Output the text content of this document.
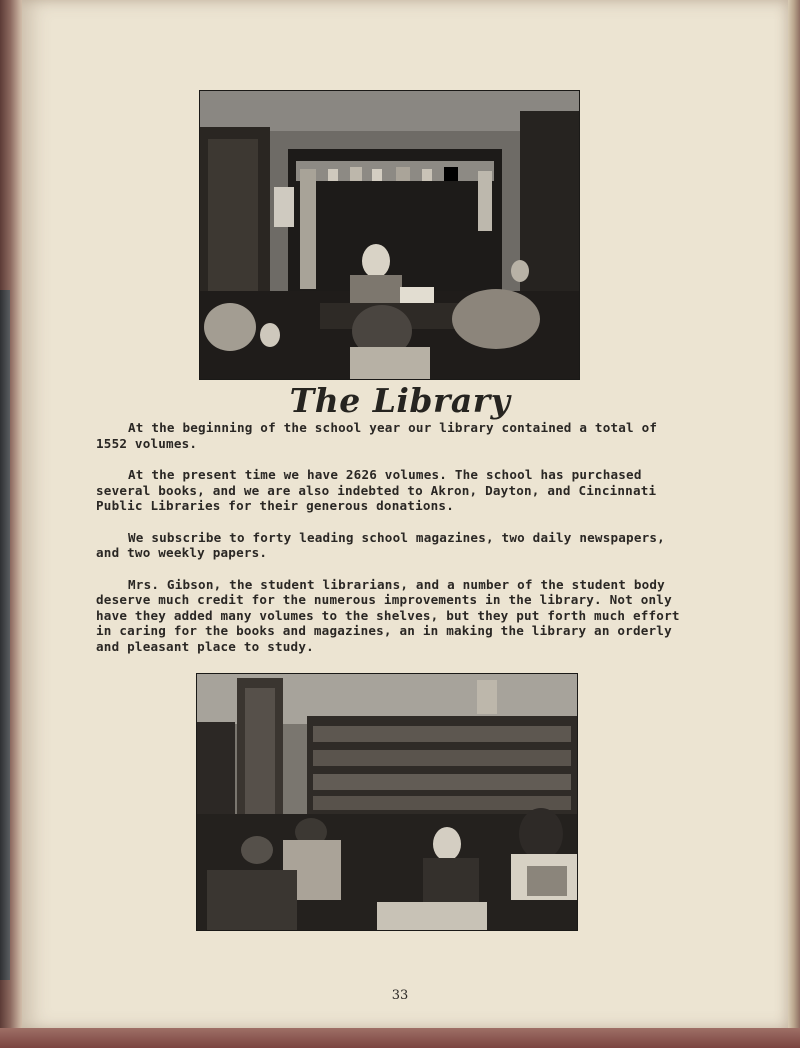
The Library

At the beginning of the school year our library contained a total of 1552 volumes.

At the present time we have 2626 volumes. The school has purchased several books, and we are also indebted to Akron, Dayton, and Cincinnati Public Libraries for their generous donations.

We subscribe to forty leading school magazines, two daily newspapers, and two weekly papers.

Mrs. Gibson, the student librarians, and a number of the student body deserve much credit for the numerous improvements in the library. Not only have they added many volumes to the shelves, but they put forth much effort in caring for the books and magazines, an in making the library an orderly and pleasant place to study.

33
